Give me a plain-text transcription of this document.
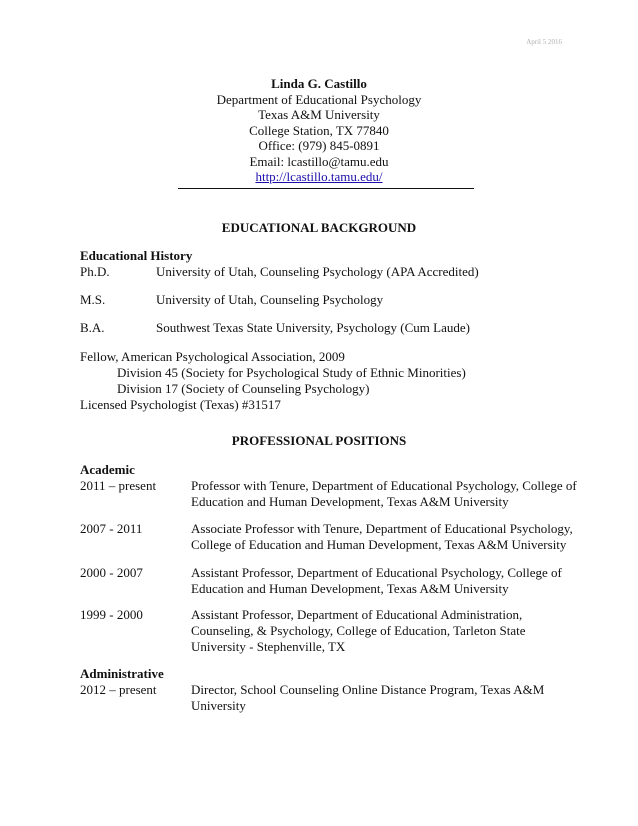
April 5 2016
Linda G. Castillo
Department of Educational Psychology
Texas A&M University
College Station, TX 77840
Office: (979) 845-0891
Email: lcastillo@tamu.edu
http://lcastillo.tamu.edu/
EDUCATIONAL BACKGROUND
Educational History
Ph.D.	University of Utah, Counseling Psychology (APA Accredited)
M.S.	University of Utah, Counseling Psychology
B.A.	Southwest Texas State University, Psychology (Cum Laude)
Fellow, American Psychological Association, 2009
Division 45 (Society for Psychological Study of Ethnic Minorities)
Division 17 (Society of Counseling Psychology)
Licensed Psychologist (Texas) #31517
PROFESSIONAL POSITIONS
Academic
2011 – present	Professor with Tenure, Department of Educational Psychology, College of Education and Human Development, Texas A&M University
2007 - 2011	Associate Professor with Tenure, Department of Educational Psychology, College of Education and Human Development, Texas A&M University
2000 - 2007	Assistant Professor, Department of Educational Psychology, College of Education and Human Development, Texas A&M University
1999 - 2000	Assistant Professor, Department of Educational Administration, Counseling, & Psychology, College of Education, Tarleton State University - Stephenville, TX
Administrative
2012 – present	Director, School Counseling Online Distance Program, Texas A&M University
